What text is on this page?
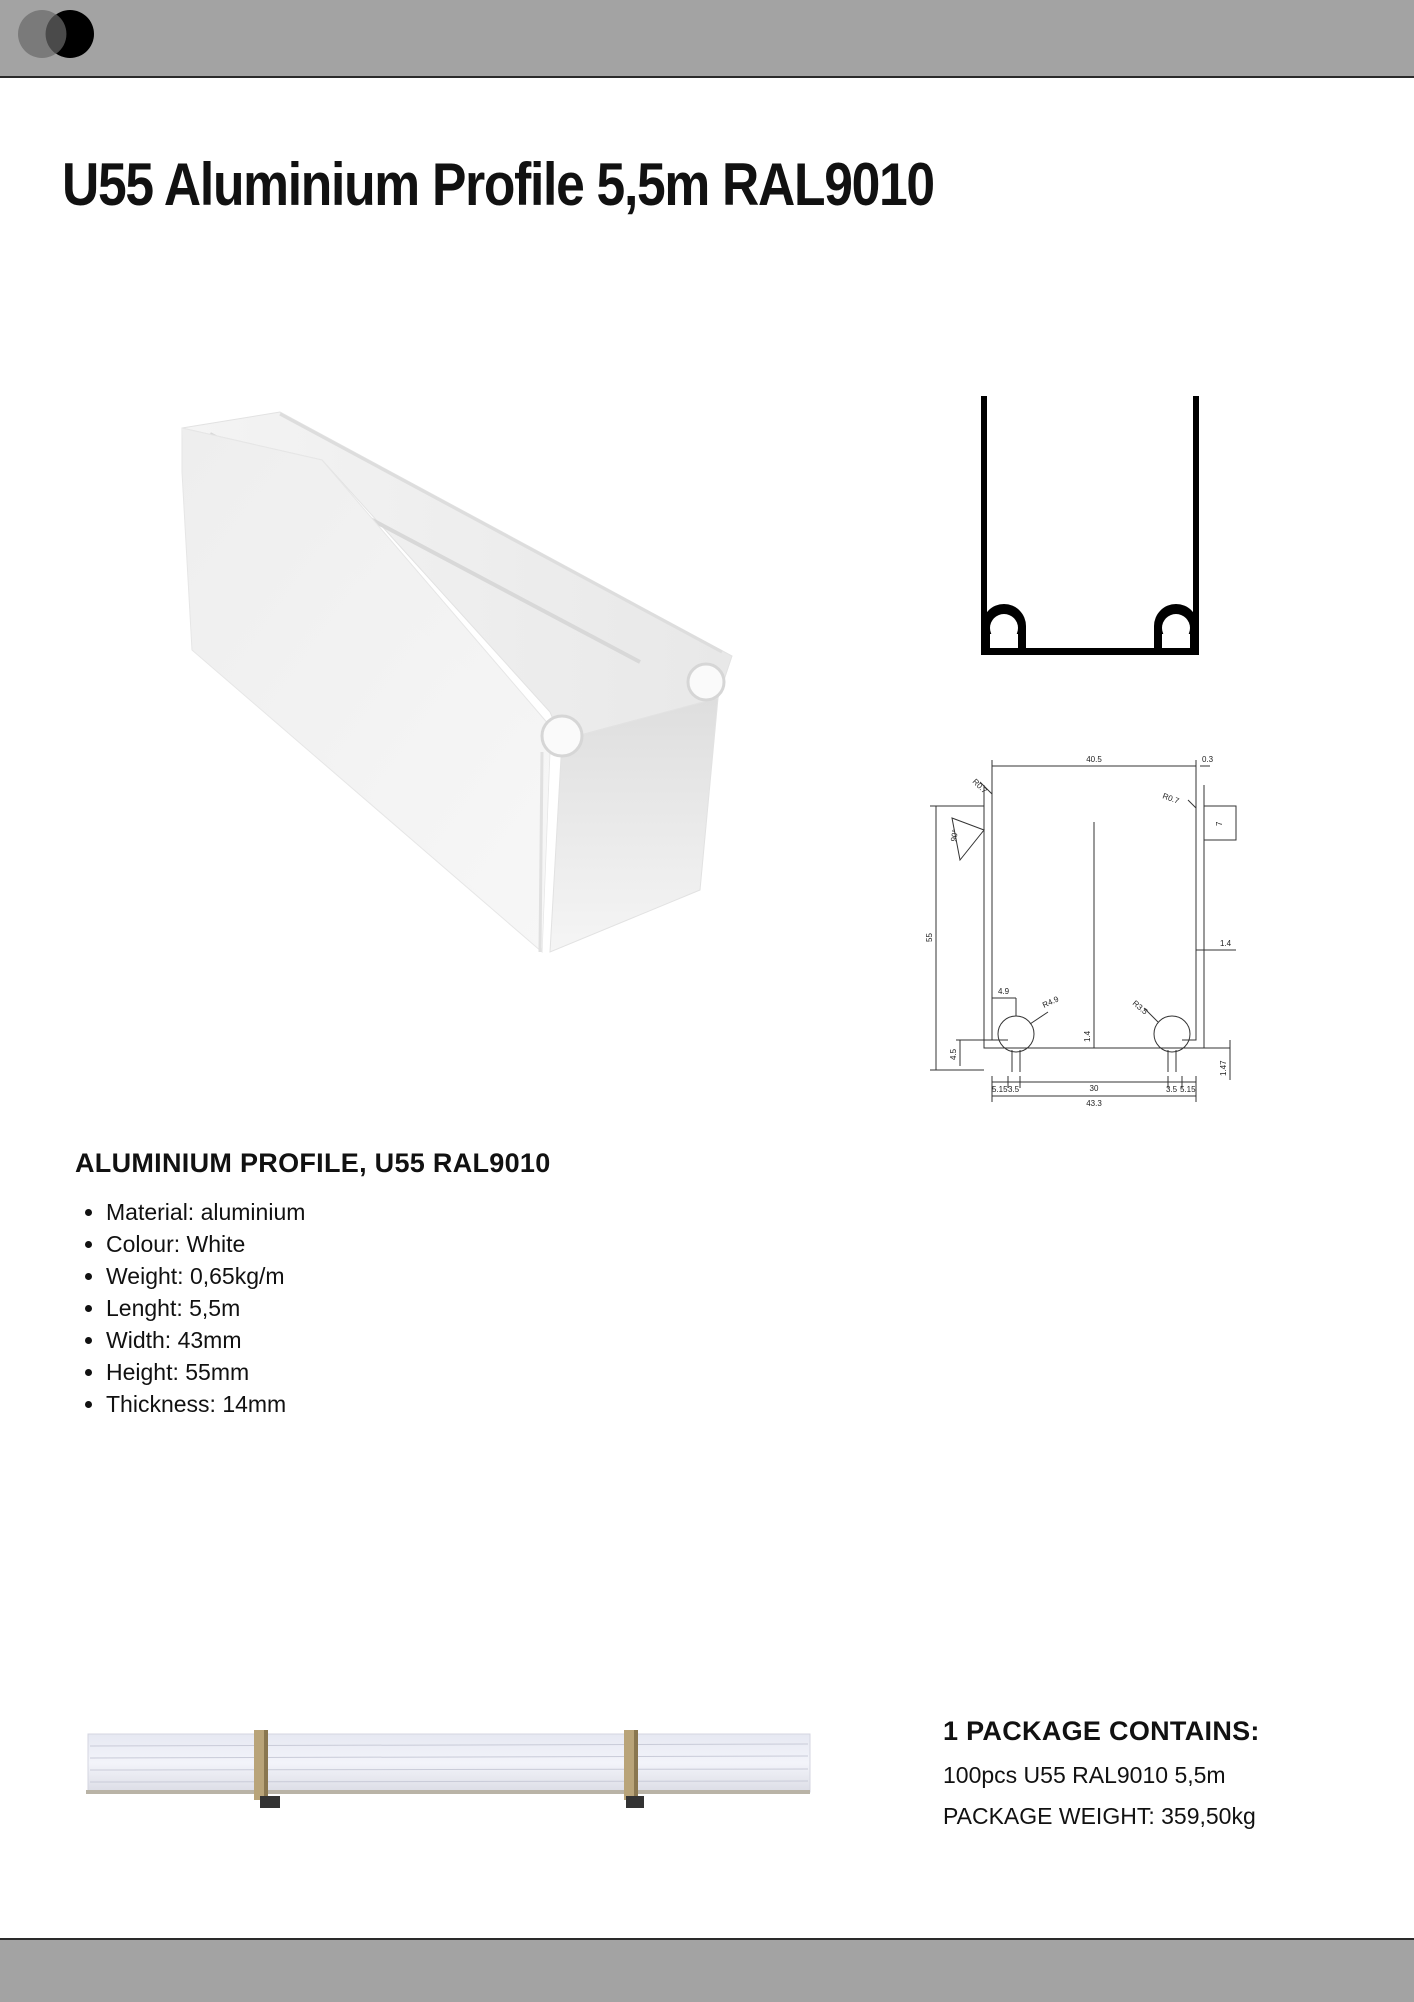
U55 Aluminium Profile 5,5m RAL9010
40.5	0.3
R0.7
R0.7
7
90°
55
1.4
4.9
R4.9	R3.5
4.5
1.4
1.47
5.15 3.5	30	3.5 5.15
43.3
ALUMINIUM PROFILE, U55 RAL9010
• Material: aluminium
• Colour: White
• Weight: 0,65kg/m
• Lenght: 5,5m
• Width: 43mm
• Height: 55mm
• Thickness: 14mm
1 PACKAGE CONTAINS:

100pcs U55 RAL9010 5,5m

PACKAGE WEIGHT: 359,50kg
